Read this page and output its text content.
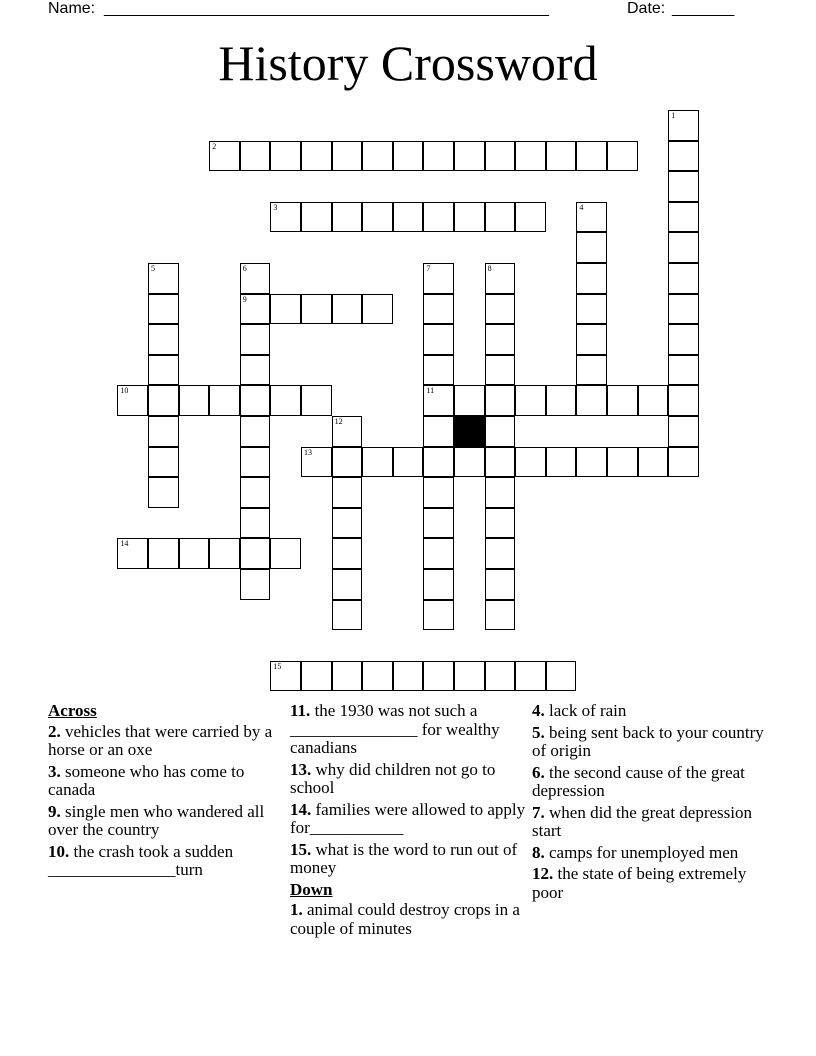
Name: __________________________________________________	Date: _______
History Crossword
1
2
3	4
5	6
9
7
11
8
10
12
13
14
15
Across
2. vehicles that were carried by a horse or an oxe
3. someone who has come to canada
9. single men who wandered all over the country
10. the crash took a sudden _______________turn
11. the 1930 was not such a _______________ for wealthy canadians
13. why did children not go to school
14. families were allowed to apply for___________
15. what is the word to run out of money
Down
1. animal could destroy crops in a couple of minutes
4. lack of rain
5. being sent back to your country of origin
6. the second cause of the great depression
7. when did the great depression start
8. camps for unemployed men
12. the state of being extremely poor
